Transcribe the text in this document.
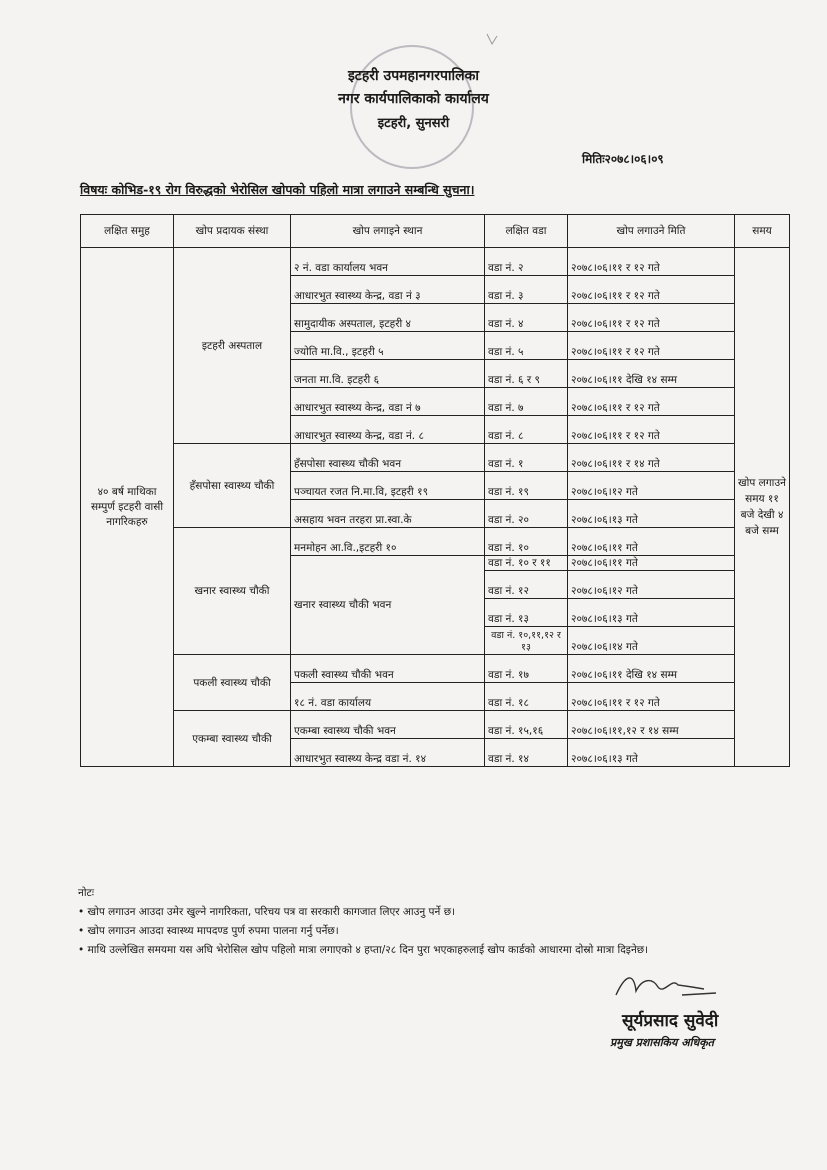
इटहरी उपमहानगरपालिका
नगर कार्यपालिकाको कार्यालय
इटहरी, सुनसरी
मितिः२०७८।०६।०९
विषयः कोभिड-१९ रोग विरुद्धको भेरोसिल खोपको पहिलो मात्रा लगाउने सम्बन्धि सुचना।
लक्षित समुह	खोप प्रदायक संस्था	खोप लगाइने स्थान	लक्षित वडा	खोप लगाउने मिति	समय
४० बर्ष माथिका सम्पुर्ण इटहरी वासी नागरिकहरु	इटहरी अस्पताल	२ नं. वडा कार्यालय भवन	वडा नं. २	२०७८।०६।११ र १२ गते	खोप लगाउने समय ११ बजे देखी ४ बजे सम्म
		आधारभुत स्वास्थ्य केन्द्र, वडा नं ३	वडा नं. ३	२०७८।०६।११ र १२ गते	
		सामुदायीक अस्पताल, इटहरी ४	वडा नं. ४	२०७८।०६।११ र १२ गते	
		ज्योति मा.वि., इटहरी ५	वडा नं. ५	२०७८।०६।११ र १२ गते	
		जनता मा.वि. इटहरी ६	वडा नं. ६ र ९	२०७८।०६।११ देखि १४ सम्म	
		आधारभुत स्वास्थ्य केन्द्र, वडा नं ७	वडा नं. ७	२०७८।०६।११ र १२ गते	
		आधारभुत स्वास्थ्य केन्द्र, वडा नं. ८	वडा नं. ८	२०७८।०६।११ र १२ गते	
	हँसपोसा स्वास्थ्य चौकी	हँसपोसा स्वास्थ्य चौकी भवन	वडा नं. १	२०७८।०६।११ र १४ गते	
		पञ्चायत रजत नि.मा.वि, इटहरी १९	वडा नं. १९	२०७८।०६।१२ गते	
		असहाय भवन तरहरा प्रा.स्वा.के	वडा नं. २०	२०७८।०६।१३ गते	
	खनार स्वास्थ्य चौकी	मनमोहन आ.वि.,इटहरी १०	वडा नं. १०	२०७८।०६।११ गते	
		खनार स्वास्थ्य चौकी भवन	वडा नं. १० र ११	२०७८।०६।११ गते	
			वडा नं. १२	२०७८।०६।१२ गते	
			वडा नं. १३	२०७८।०६।१३ गते	
			वडा नं. १०,११,१२ र १३	२०७८।०६।१४ गते	
	पकली स्वास्थ्य चौकी	पकली स्वास्थ्य चौकी भवन	वडा नं. १७	२०७८।०६।११ देखि १४ सम्म	
		१८ नं. वडा कार्यालय	वडा नं. १८	२०७८।०६।११ र १२ गते	
	एकम्बा स्वास्थ्य चौकी	एकम्बा स्वास्थ्य चौकी भवन	वडा नं. १५,१६	२०७८।०६।११,१२ र १४ सम्म	
		आधारभुत स्वास्थ्य केन्द्र वडा नं. १४	वडा नं. १४	२०७८।०६।१३ गते	
नोटः
• खोप लगाउन आउदा उमेर खुल्ने नागरिकता, परिचय पत्र वा सरकारी कागजात लिएर आउनु पर्ने छ।
• खोप लगाउन आउदा स्वास्थ्य मापदण्ड पुर्ण रुपमा पालना गर्नु पर्नेछ।
• माथि उल्लेखित समयमा यस अघि भेरोसिल खोप पहिलो मात्रा लगाएको ४ हप्ता/२८ दिन पुरा भएकाहरुलाई खोप कार्डको आधारमा दोस्रो मात्रा दिइनेछ।
सूर्यप्रसाद सुवेदी
प्रमुख प्रशासकिय अधिकृत
